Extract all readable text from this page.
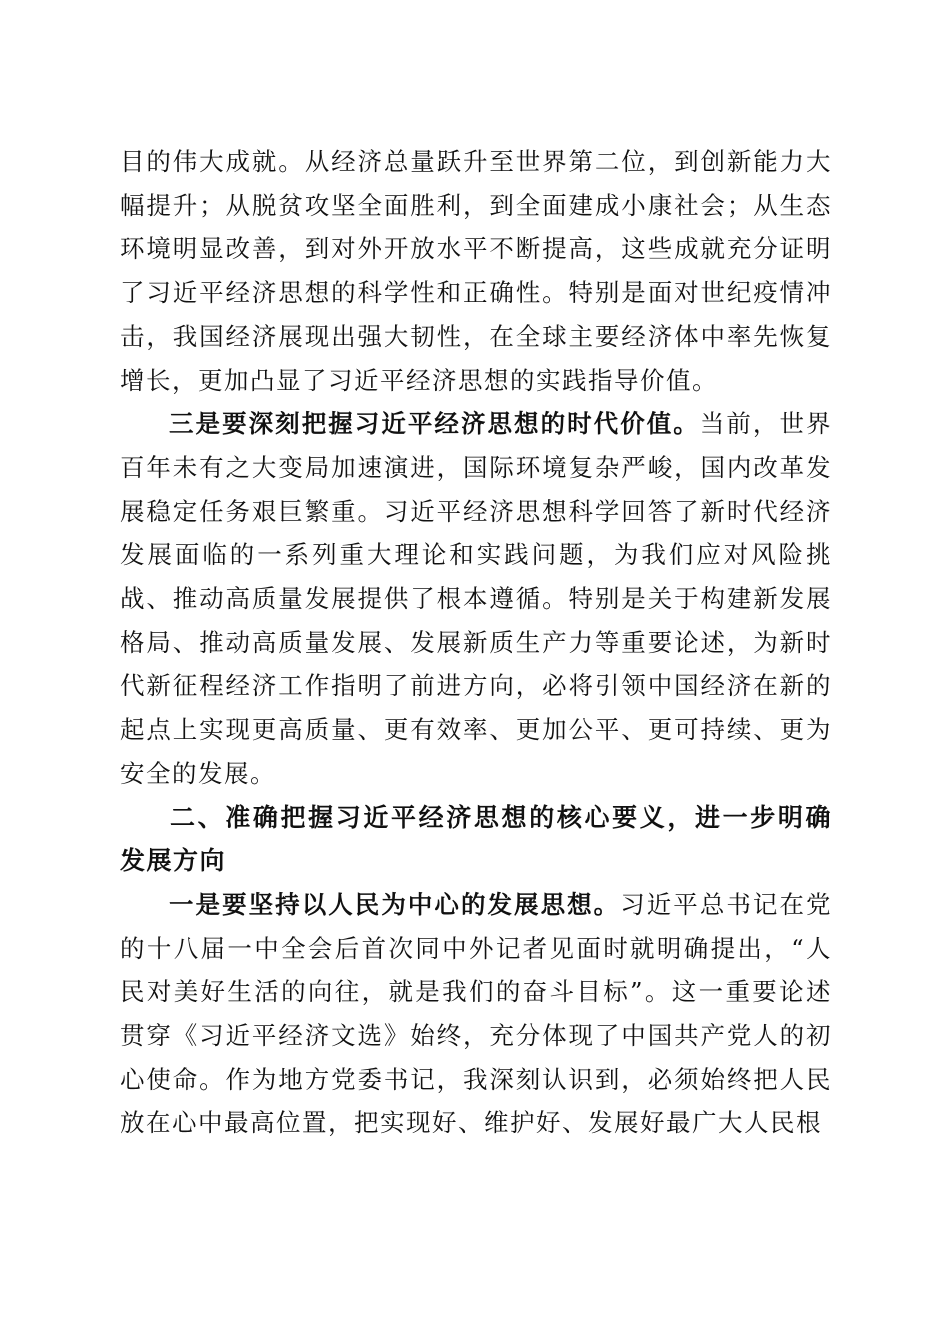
目的伟大成就。从经济总量跃升至世界第二位，到创新能力大幅提升；从脱贫攻坚全面胜利，到全面建成小康社会；从生态环境明显改善，到对外开放水平不断提高，这些成就充分证明了习近平经济思想的科学性和正确性。特别是面对世纪疫情冲击，我国经济展现出强大韧性，在全球主要经济体中率先恢复增长，更加凸显了习近平经济思想的实践指导价值。

三是要深刻把握习近平经济思想的时代价值。当前，世界百年未有之大变局加速演进，国际环境复杂严峻，国内改革发展稳定任务艰巨繁重。习近平经济思想科学回答了新时代经济发展面临的一系列重大理论和实践问题，为我们应对风险挑战、推动高质量发展提供了根本遵循。特别是关于构建新发展格局、推动高质量发展、发展新质生产力等重要论述，为新时代新征程经济工作指明了前进方向，必将引领中国经济在新的起点上实现更高质量、更有效率、更加公平、更可持续、更为安全的发展。

二、准确把握习近平经济思想的核心要义，进一步明确发展方向

一是要坚持以人民为中心的发展思想。习近平总书记在党的十八届一中全会后首次同中外记者见面时就明确提出，“人民对美好生活的向往，就是我们的奋斗目标”。这一重要论述贯穿《习近平经济文选》始终，充分体现了中国共产党人的初心使命。作为地方党委书记，我深刻认识到，必须始终把人民放在心中最高位置，把实现好、维护好、发展好最广大人民根
